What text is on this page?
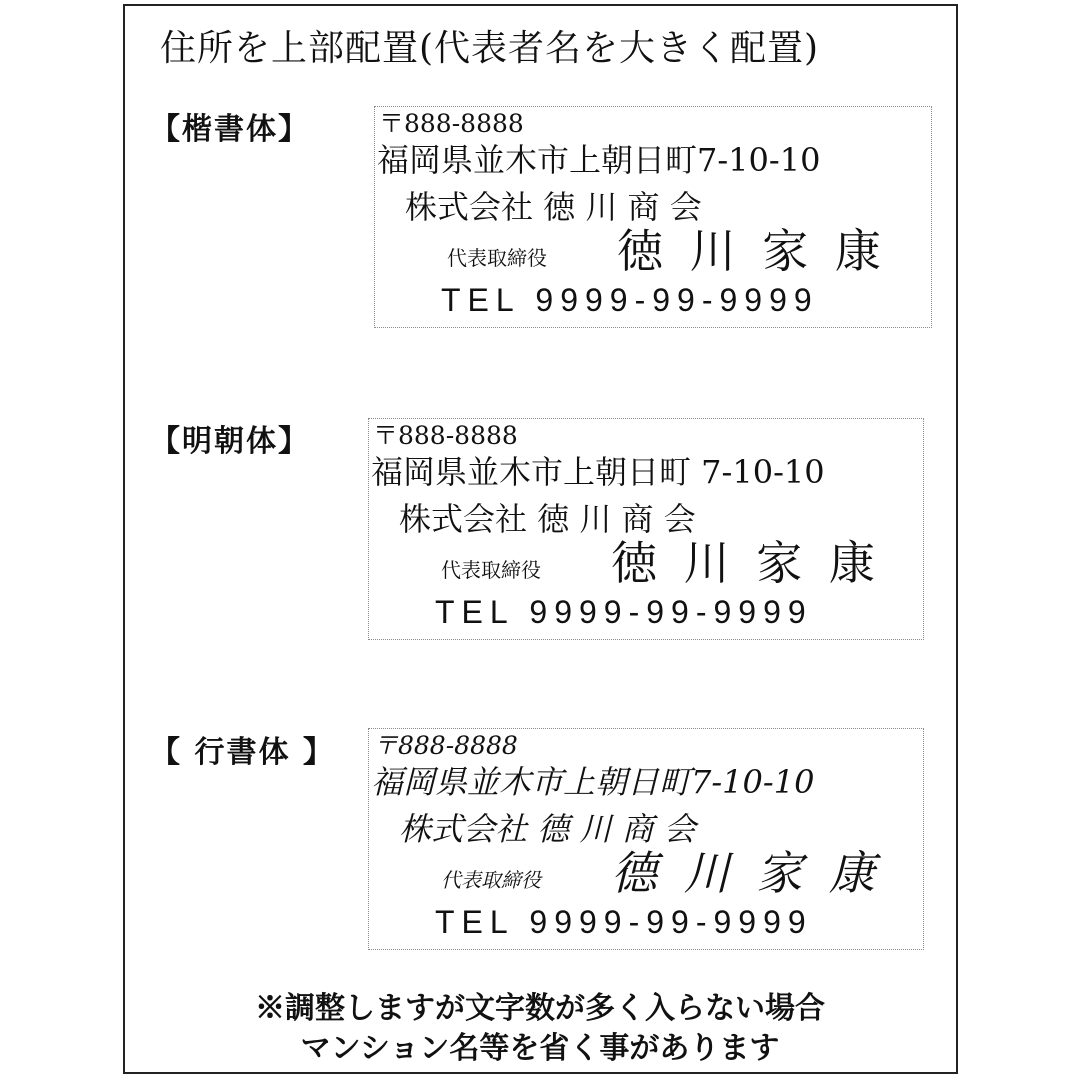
住所を上部配置(代表者名を大きく配置)
【楷書体】	〒888-8888
福岡県並木市上朝日町7-10-10
株式会社 徳 川 商 会
代表取締役 徳 川 家 康
TEL 9999-99-9999
【明朝体】	〒888-8888
福岡県並木市上朝日町 7-10-10
株式会社 徳 川 商 会
代表取締役 徳 川 家 康
TEL 9999-99-9999
【 行書体 】 〒888-8888
福岡県並木市上朝日町7-10-10
株式会社 德 川 商 会
代表取締役 德 川 家 康
TEL 9999-99-9999
※調整しますが文字数が多く入らない場合
マンション名等を省く事があります
